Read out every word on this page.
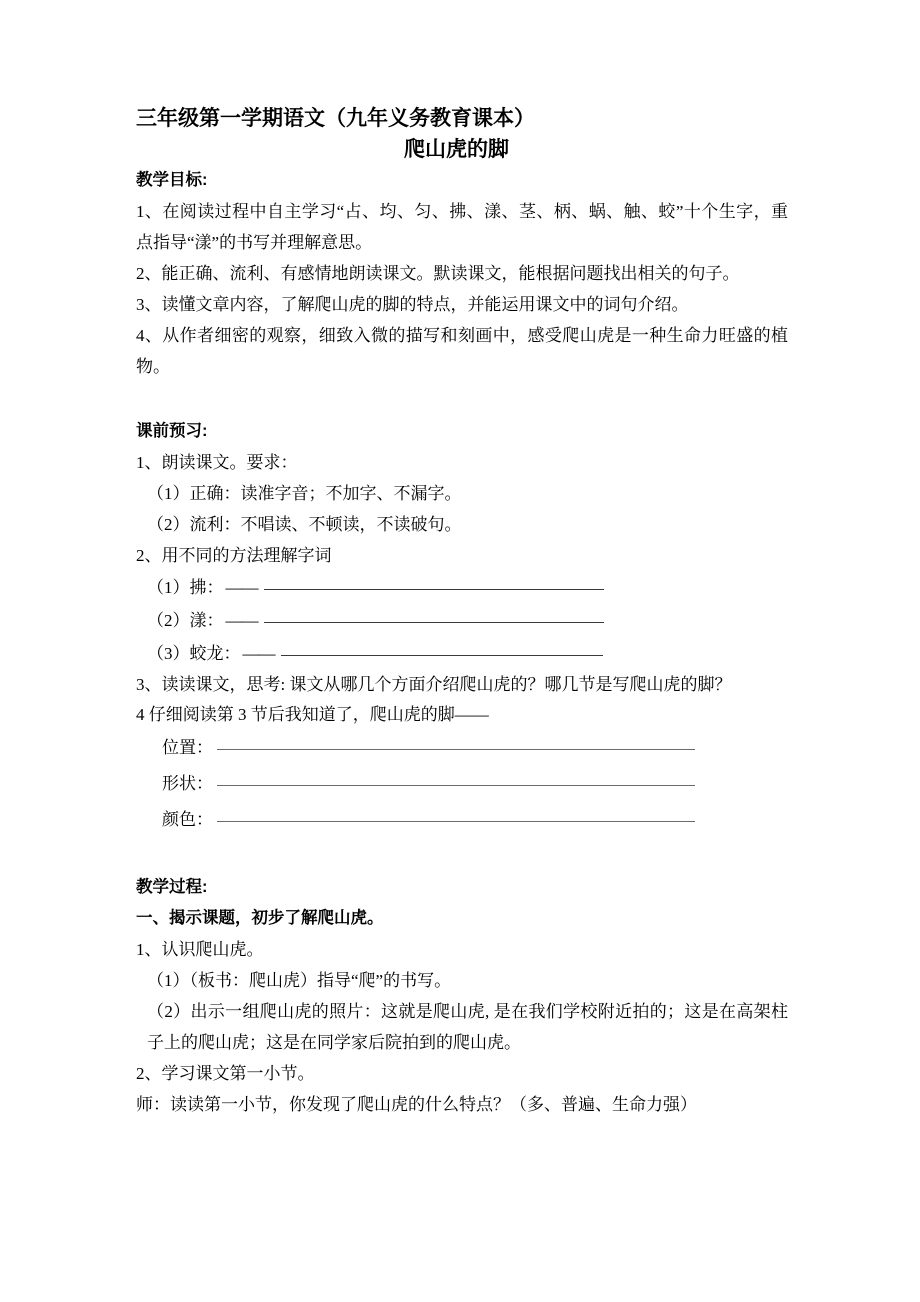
三年级第一学期语文（九年义务教育课本）
爬山虎的脚

教学目标:

1、在阅读过程中自主学习“占、均、匀、拂、漾、茎、柄、蜗、触、蛟”十个生字，重点指导“漾”的书写并理解意思。

2、能正确、流利、有感情地朗读课文。默读课文，能根据问题找出相关的句子。

3、读懂文章内容，了解爬山虎的脚的特点，并能运用课文中的词句介绍。

4、从作者细密的观察，细致入微的描写和刻画中，感受爬山虎是一种生命力旺盛的植物。

课前预习:

1、朗读课文。要求：

（1）正确：读准字音；不加字、不漏字。

（2）流利：不唱读、不顿读，不读破句。

2、用不同的方法理解字词

（1）拂： ——
（2）漾： ——
（3）蛟龙： ——

3、读读课文，思考: 课文从哪几个方面介绍爬山虎的？哪几节是写爬山虎的脚？

4 仔细阅读第 3 节后我知道了，爬山虎的脚——

位置：
形状：
颜色：

教学过程:

一、揭示课题，初步了解爬山虎。

1、认识爬山虎。

（1）（板书：爬山虎）指导“爬”的书写。

（2）出示一组爬山虎的照片：这就是爬山虎, 是在我们学校附近拍的；这是在高架柱子上的爬山虎；这是在同学家后院拍到的爬山虎。

2、学习课文第一小节。

师：读读第一小节，你发现了爬山虎的什么特点？（多、普遍、生命力强）
